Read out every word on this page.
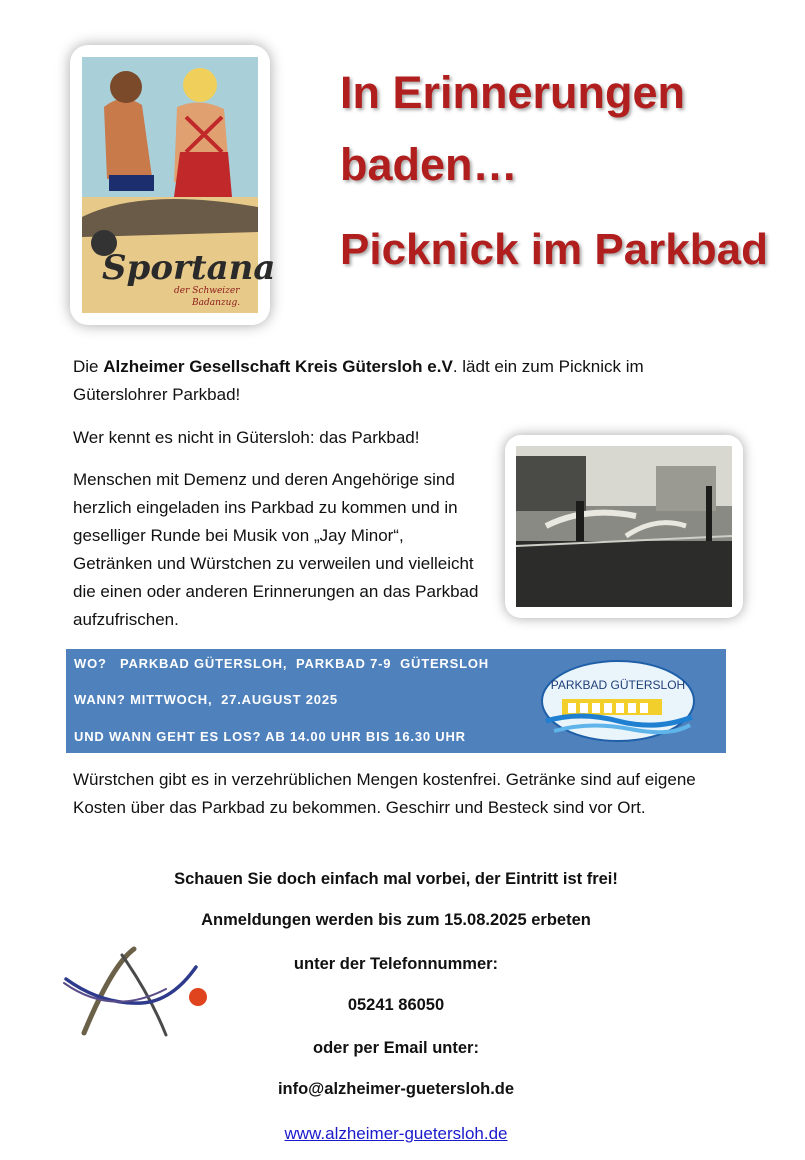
Sportana
der Schweizer
Badanzug.
In Erinnerungen
baden…
Picknick im Parkbad
Die Alzheimer Gesellschaft Kreis Gütersloh e.V. lädt ein zum Picknick im Güterslohrer Parkbad!
Wer kennt es nicht in Gütersloh: das Parkbad!
Menschen mit Demenz und deren Angehörige sind herzlich eingeladen ins Parkbad zu kommen und in geselliger Runde bei Musik von „Jay Minor“, Getränken und Würstchen zu verweilen und vielleicht die einen oder anderen Erinnerungen an das Parkbad aufzufrischen.
WO?   PARKBAD GÜTERSLOH,  PARKBAD 7-9  GÜTERSLOH
WANN? MITTWOCH,  27.AUGUST 2025
UND WANN GEHT ES LOS? AB 14.00 UHR BIS 16.30 UHR
PARKBAD GÜTERSLOH
Würstchen gibt es in verzehrüblichen Mengen kostenfrei. Getränke sind auf eigene Kosten über das Parkbad zu bekommen. Geschirr und Besteck sind vor Ort.
Schauen Sie doch einfach mal vorbei, der Eintritt ist frei!
Anmeldungen werden bis zum 15.08.2025 erbeten
unter der Telefonnummer:
05241 86050
oder per Email unter:
info@alzheimer-guetersloh.de
www.alzheimer-guetersloh.de
